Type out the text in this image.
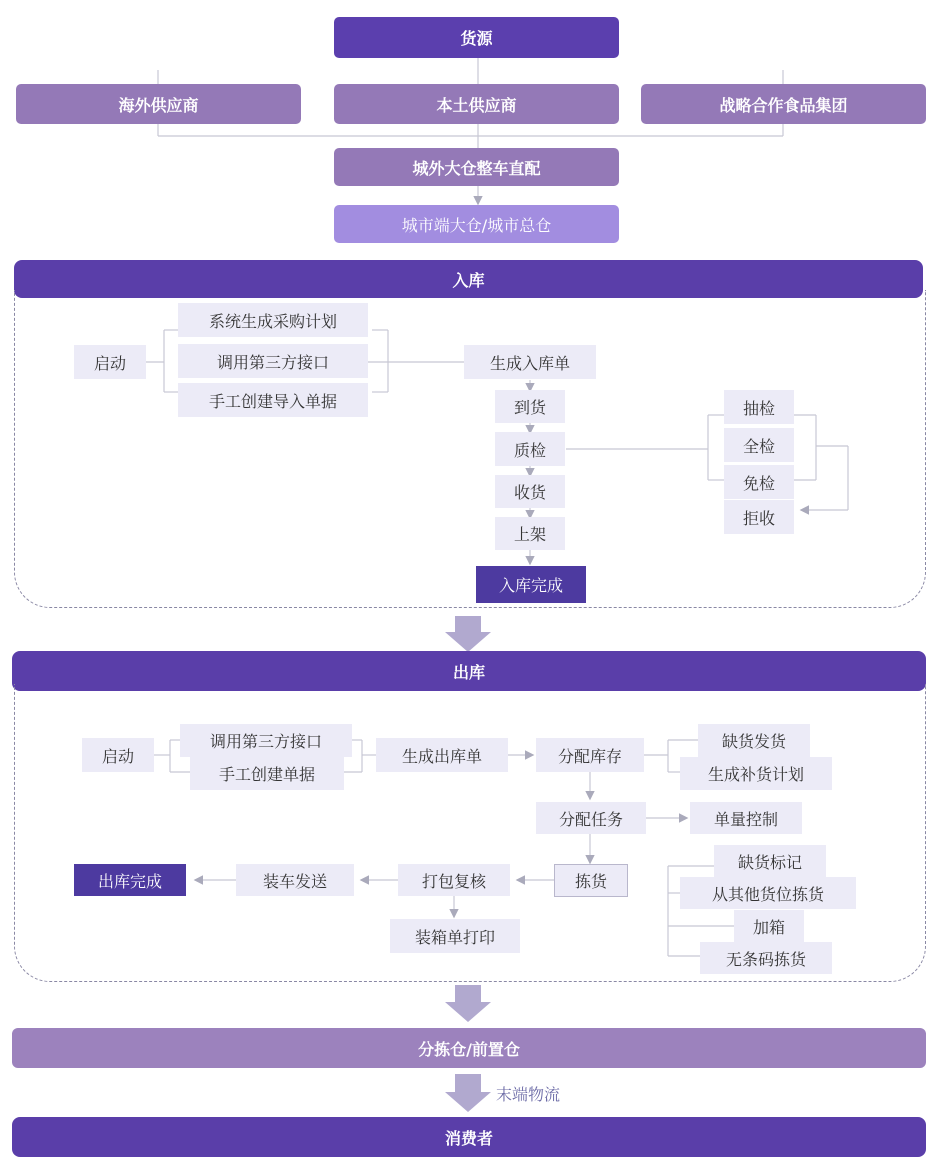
货源
海外供应商	本土供应商	战略合作食品集团
城外大仓整车直配
城市端大仓/城市总仓
入库
启动
系统生成采购计划
调用第三方接口
手工创建导入单据
生成入库单
到货
质检
收货
上架
入库完成
抽检
全检
免检
拒收
出库
启动
调用第三方接口
手工创建单据
生成出库单	分配库存
缺货发货
生成补货计划
分配任务	单量控制
拣货
缺货标记
从其他货位拣货
加箱
无条码拣货
打包复核
装箱单打印
装车发送
出库完成
分拣仓/前置仓
末端物流
消费者
